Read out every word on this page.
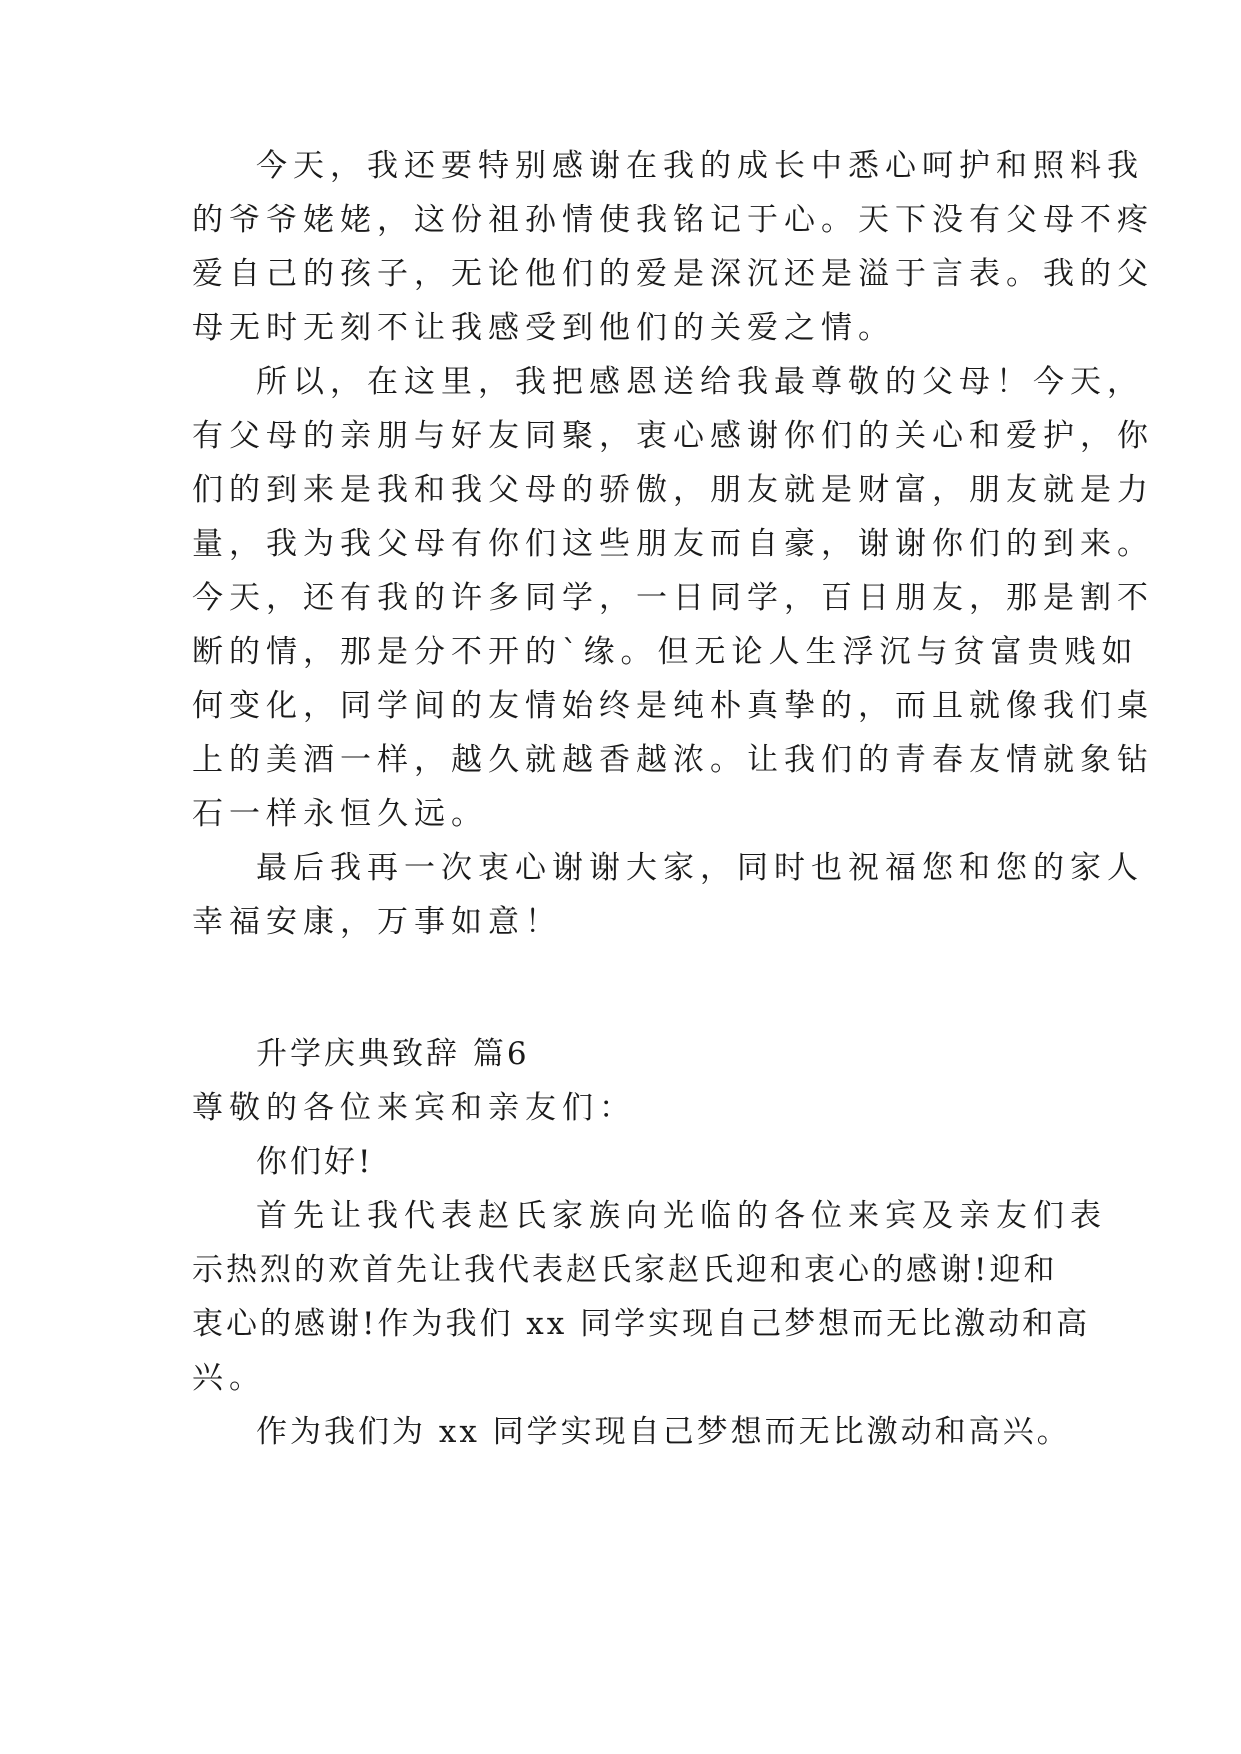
今天，我还要特别感谢在我的成长中悉心呵护和照料我
的爷爷姥姥，这份祖孙情使我铭记于心。天下没有父母不疼
爱自己的孩子，无论他们的爱是深沉还是溢于言表。我的父
母无时无刻不让我感受到他们的关爱之情。
所以，在这里，我把感恩送给我最尊敬的父母！今天，
有父母的亲朋与好友同聚，衷心感谢你们的关心和爱护，你
们的到来是我和我父母的骄傲，朋友就是财富，朋友就是力
量，我为我父母有你们这些朋友而自豪，谢谢你们的到来。
今天，还有我的许多同学，一日同学，百日朋友，那是割不
断的情，那是分不开的`缘。但无论人生浮沉与贫富贵贱如
何变化，同学间的友情始终是纯朴真挚的，而且就像我们桌
上的美酒一样，越久就越香越浓。让我们的青春友情就象钻
石一样永恒久远。
最后我再一次衷心谢谢大家，同时也祝福您和您的家人
幸福安康，万事如意！
升学庆典致辞 篇6
尊敬的各位来宾和亲友们：
你们好!
首先让我代表赵氏家族向光临的各位来宾及亲友们表
示热烈的欢首先让我代表赵氏家赵氏迎和衷心的感谢!迎和
衷心的感谢!作为我们 xx 同学实现自己梦想而无比激动和高
兴。
作为我们为 xx 同学实现自己梦想而无比激动和高兴。
